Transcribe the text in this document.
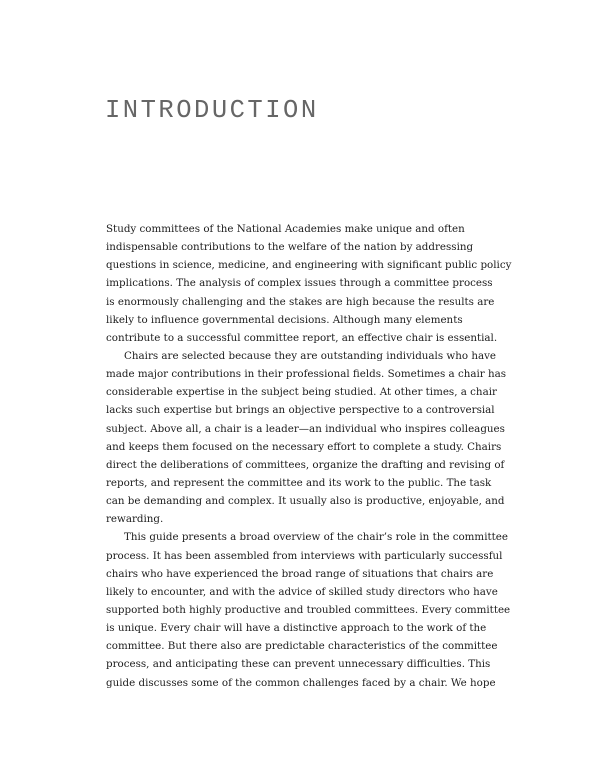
INTRODUCTION
Study committees of the National Academies make unique and often
indispensable contributions to the welfare of the nation by addressing
questions in science, medicine, and engineering with significant public policy
implications. The analysis of complex issues through a committee process
is enormously challenging and the stakes are high because the results are
likely to influence governmental decisions. Although many elements
contribute to a successful committee report, an effective chair is essential.
Chairs are selected because they are outstanding individuals who have
made major contributions in their professional fields. Sometimes a chair has
considerable expertise in the subject being studied. At other times, a chair
lacks such expertise but brings an objective perspective to a controversial
subject. Above all, a chair is a leader—an individual who inspires colleagues
and keeps them focused on the necessary effort to complete a study. Chairs
direct the deliberations of committees, organize the drafting and revising of
reports, and represent the committee and its work to the public. The task
can be demanding and complex. It usually also is productive, enjoyable, and
rewarding.
This guide presents a broad overview of the chair’s role in the committee
process. It has been assembled from interviews with particularly successful
chairs who have experienced the broad range of situations that chairs are
likely to encounter, and with the advice of skilled study directors who have
supported both highly productive and troubled committees. Every committee
is unique. Every chair will have a distinctive approach to the work of the
committee. But there also are predictable characteristics of the committee
process, and anticipating these can prevent unnecessary difficulties. This
guide discusses some of the common challenges faced by a chair. We hope
